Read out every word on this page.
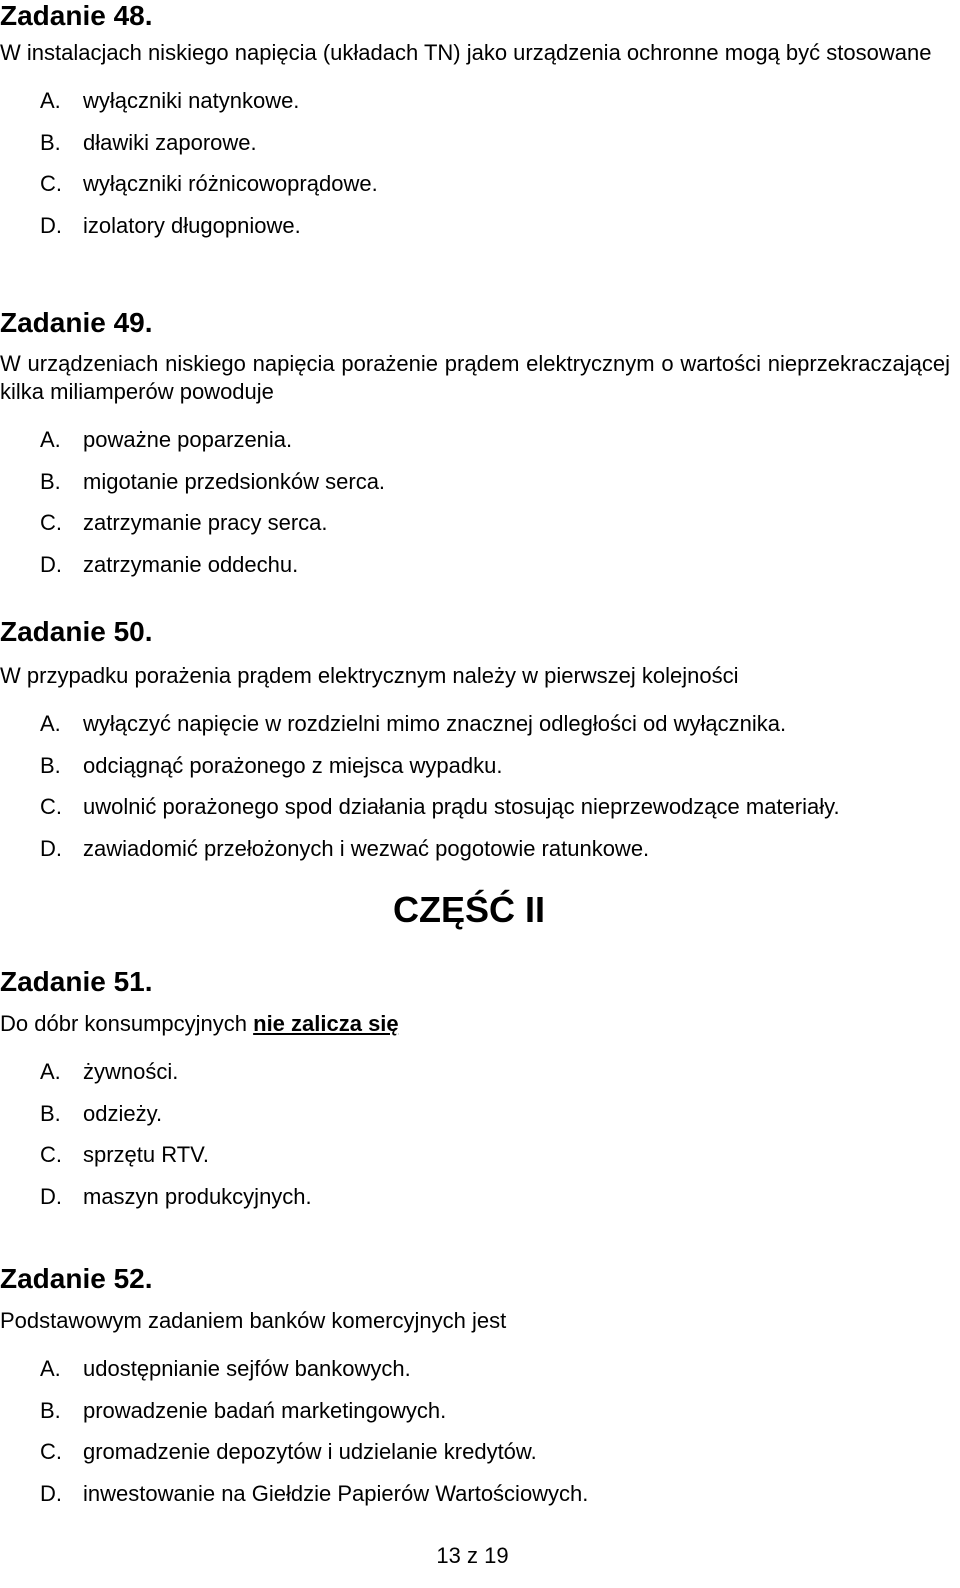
Zadanie 48.

W instalacjach niskiego napięcia (układach TN) jako urządzenia ochronne mogą być stosowane

A. wyłączniki natynkowe.
B. dławiki zaporowe.
C. wyłączniki różnicowoprądowe.
D. izolatory długopniowe.
Zadanie 49.

W urządzeniach niskiego napięcia porażenie prądem elektrycznym o wartości nieprzekraczającej kilka miliamperów powoduje

A. poważne poparzenia.
B. migotanie przedsionków serca.
C. zatrzymanie pracy serca.
D. zatrzymanie oddechu.
Zadanie 50.

W przypadku porażenia prądem elektrycznym należy w pierwszej kolejności

A. wyłączyć napięcie w rozdzielni mimo znacznej odległości od wyłącznika.
B. odciągnąć porażonego z miejsca wypadku.
C. uwolnić porażonego spod działania prądu stosując nieprzewodzące materiały.
D. zawiadomić przełożonych i wezwać pogotowie ratunkowe.
CZĘŚĆ II
Zadanie 51.

Do dóbr konsumpcyjnych nie zalicza się

A. żywności.
B. odzieży.
C. sprzętu RTV.
D. maszyn produkcyjnych.
Zadanie 52.

Podstawowym zadaniem banków komercyjnych jest

A. udostępnianie sejfów bankowych.
B. prowadzenie badań marketingowych.
C. gromadzenie depozytów i udzielanie kredytów.
D. inwestowanie na Giełdzie Papierów Wartościowych.
13 z 19
